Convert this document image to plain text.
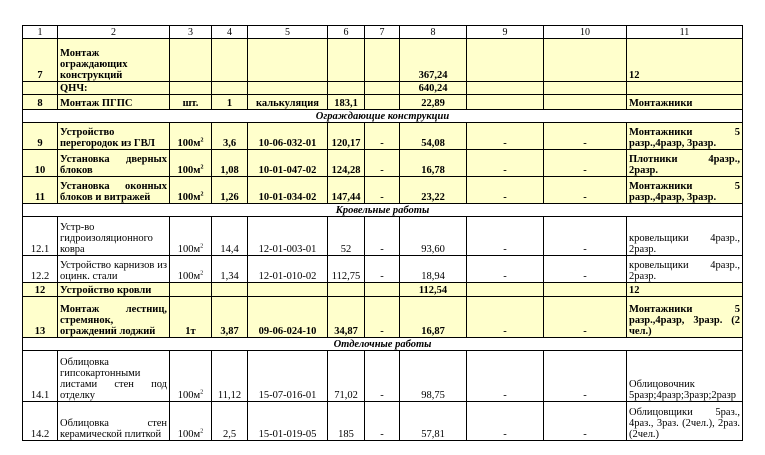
1	2	3	4	5	6	7	8	9	10	11
7	Монтаж ограждающих конструкций						367,24			12
	QНЧ:						640,24			
8	Монтаж ПГПС	шт.	1	калькуляция	183,1		22,89			Монтажники
Ограждающие конструкции										
9	Устройство перегородок из ГВЛ	$100м^2$	3,6	10-06-032-01	120,17	-	54,08	-	-	Монтажники 5 разр.,4разр, 3разр.
10	Установка дверных блоков	$100м^2$	1,08	10-01-047-02	124,28	-	16,78	-	-	Плотники 4разр., 2разр.
11	Установка оконных блоков и витражей	$100м^2$	1,26	10-01-034-02	147,44	-	23,22	-	-	Монтажники 5 разр.,4разр, 3разр.
Кровельные работы										
12.1	Устр-во гидроизоляционного ковра	$100м^2$	14,4	12-01-003-01	52	-	93,60	-	-	кровельщики 4разр., 2разр.
12.2	Устройство карнизов из оцинк. стали	$100м^2$	1,34	12-01-010-02	112,75	-	18,94	-	-	кровельщики 4разр., 2разр.
12	Устройство кровли						112,54			12
13	Монтаж лестниц, стремянок, ограждений лоджий	1т	3,87	09-06-024-10	34,87	-	16,87	-	-	Монтажники 5 разр.,4разр, 3разр. (2 чел.)
Отделочные работы										
14.1	Облицовка гипсокартонными листами стен под отделку	$100м^2$	11,12	15-07-016-01	71,02	-	98,75	-	-	Облицовочник 5разр;4разр;3разр;2разр
14.2	Облицовка стен керамической плиткой	$100м^2$	2,5	15-01-019-05	185	-	57,81	-	-	Облицовщики 5раз., 4раз., 3раз. (2чел.), 2раз. (2чел.)
